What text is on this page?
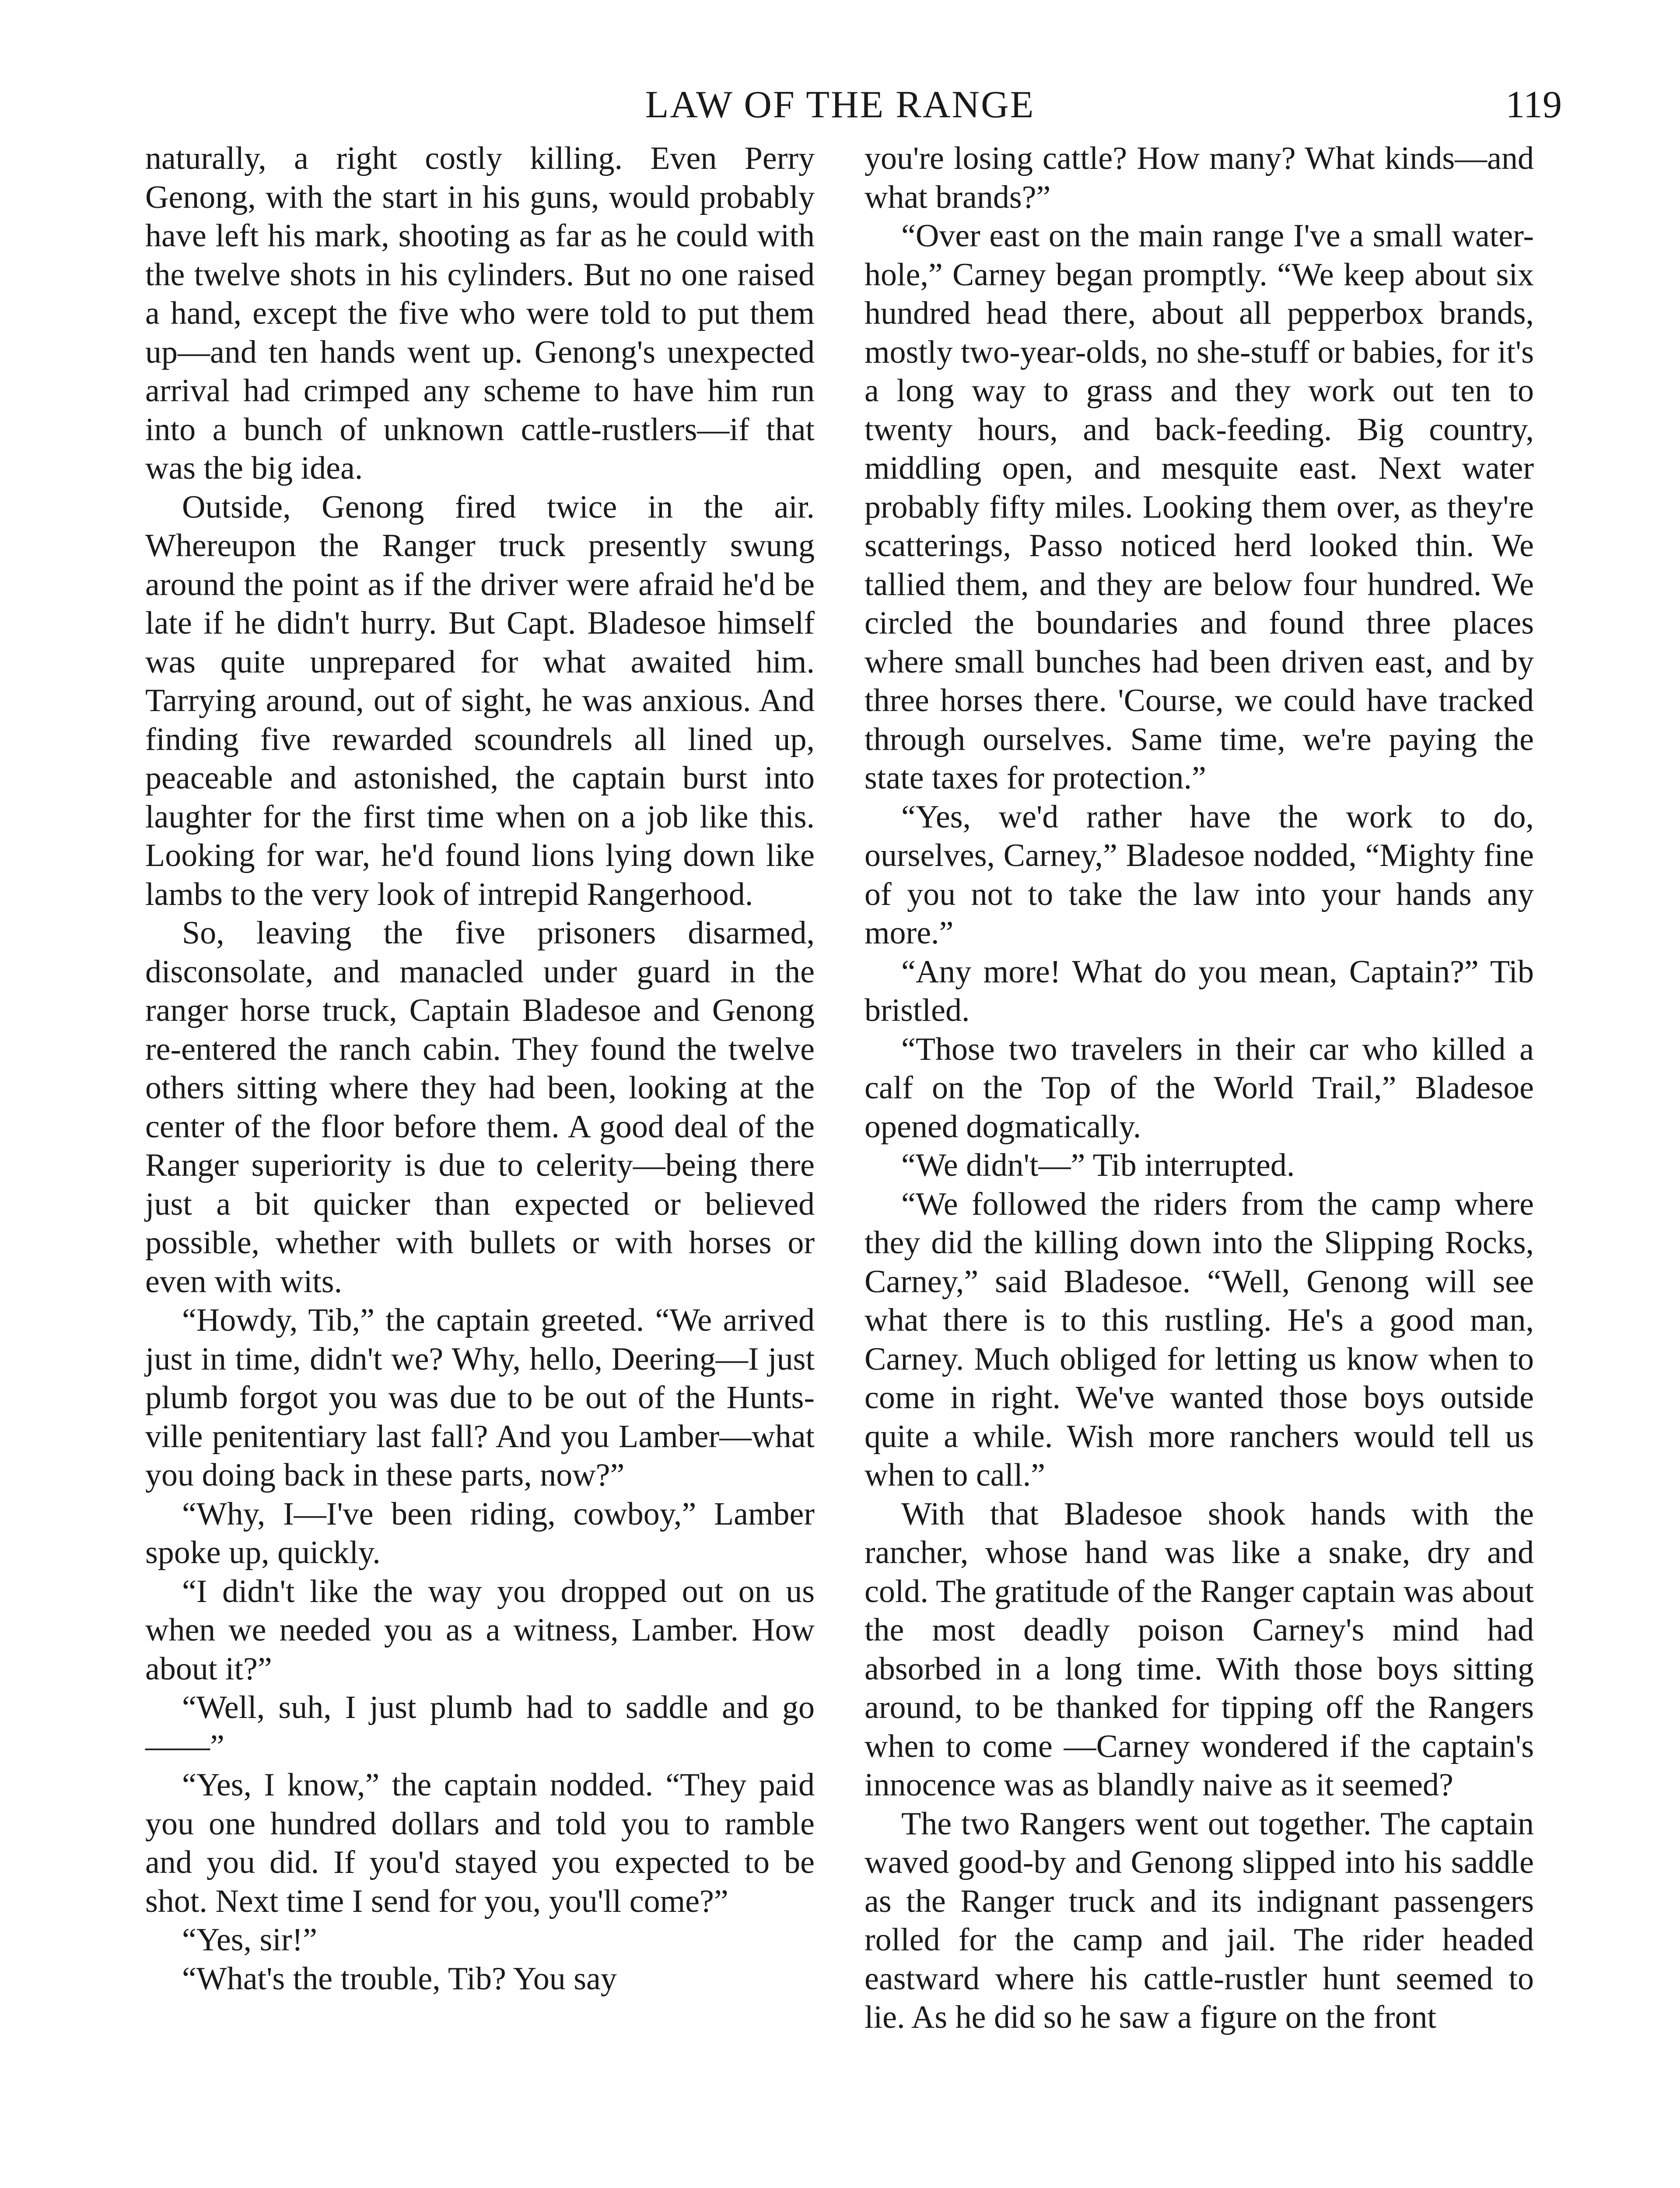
LAW OF THE RANGE	119

naturally, a right costly killing. Even Perry Genong, with the start in his guns, would probably have left his mark, shooting as far as he could with the twelve shots in his cylinders. But no one raised a hand, except the five who were told to put them up—and ten hands went up. Genong's unexpected arrival had crimped any scheme to have him run into a bunch of unknown cattle-rustlers—if that was the big idea.

Outside, Genong fired twice in the air. Whereupon the Ranger truck presently swung around the point as if the driver were afraid he'd be late if he didn't hurry. But Capt. Bladesoe himself was quite unprepared for what awaited him. Tarrying around, out of sight, he was anxious. And finding five rewarded scoundrels all lined up, peaceable and astonished, the captain burst into laughter for the first time when on a job like this. Looking for war, he'd found lions lying down like lambs to the very look of intrepid Rangerhood.

So, leaving the five prisoners disarmed, disconsolate, and manacled under guard in the ranger horse truck, Captain Bladesoe and Genong re-entered the ranch cabin. They found the twelve others sitting where they had been, looking at the center of the floor before them. A good deal of the Ranger superiority is due to celerity—being there just a bit quicker than expected or believed possible, whether with bullets or with horses or even with wits.

“Howdy, Tib,” the captain greeted. “We arrived just in time, didn't we? Why, hello, Deering—I just plumb forgot you was due to be out of the Huntsville penitentiary last fall? And you Lamber—what you doing back in these parts, now?”

“Why, I—I've been riding, cowboy,” Lamber spoke up, quickly.

“I didn't like the way you dropped out on us when we needed you as a witness, Lamber. How about it?”

“Well, suh, I just plumb had to saddle and go——”

“Yes, I know,” the captain nodded. “They paid you one hundred dollars and told you to ramble and you did. If you'd stayed you expected to be shot. Next time I send for you, you'll come?”

“Yes, sir!”

“What's the trouble, Tib? You say

you're losing cattle? How many? What kinds—and what brands?”

“Over east on the main range I've a small water-hole,” Carney began promptly. “We keep about six hundred head there, about all pepperbox brands, mostly two-year-olds, no she-stuff or babies, for it's a long way to grass and they work out ten to twenty hours, and back-feeding. Big country, middling open, and mesquite east. Next water probably fifty miles. Looking them over, as they're scatterings, Passo noticed herd looked thin. We tallied them, and they are below four hundred. We circled the boundaries and found three places where small bunches had been driven east, and by three horses there. 'Course, we could have tracked through ourselves. Same time, we're paying the state taxes for protection.”

“Yes, we'd rather have the work to do, ourselves, Carney,” Bladesoe nodded, “Mighty fine of you not to take the law into your hands any more.”

“Any more! What do you mean, Captain?” Tib bristled.

“Those two travelers in their car who killed a calf on the Top of the World Trail,” Bladesoe opened dogmatically.

“We didn't—” Tib interrupted.

“We followed the riders from the camp where they did the killing down into the Slipping Rocks, Carney,” said Bladesoe. “Well, Genong will see what there is to this rustling. He's a good man, Carney. Much obliged for letting us know when to come in right. We've wanted those boys outside quite a while. Wish more ranchers would tell us when to call.”

With that Bladesoe shook hands with the rancher, whose hand was like a snake, dry and cold. The gratitude of the Ranger captain was about the most deadly poison Carney's mind had absorbed in a long time. With those boys sitting around, to be thanked for tipping off the Rangers when to come —Carney wondered if the captain's innocence was as blandly naive as it seemed?

The two Rangers went out together. The captain waved good-by and Genong slipped into his saddle as the Ranger truck and its indignant passengers rolled for the camp and jail. The rider headed eastward where his cattle-rustler hunt seemed to lie. As he did so he saw a figure on the front
